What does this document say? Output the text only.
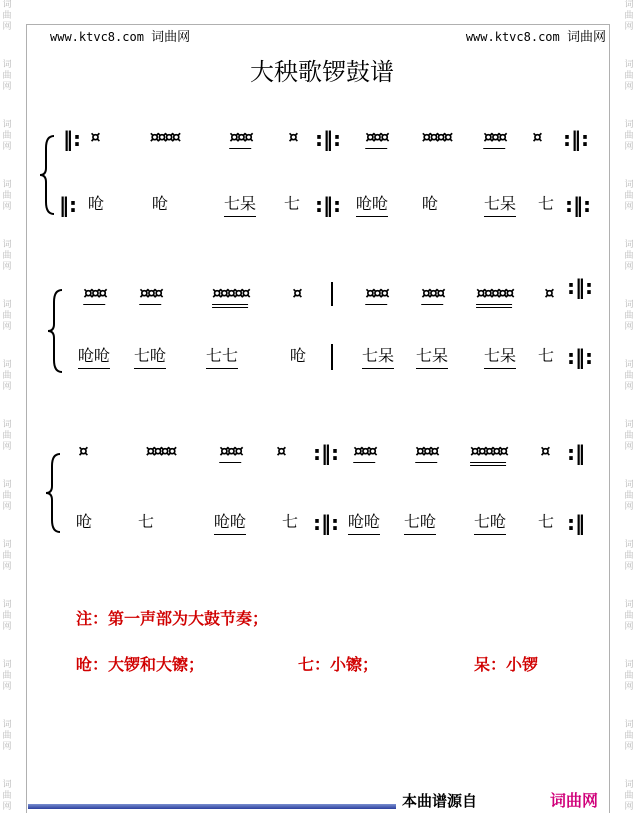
词
曲
网
词
曲
网
词
曲
网
词
曲
网
词
曲
网
词
曲
网
词
曲
网
词
曲
网
词
曲
网
词
曲
网
词
曲
网
词
曲
网
词
曲
网
词
曲
网
词
曲
网
词
曲
网
词
曲
网
词
曲
网
词
曲
网
词
曲
网
词
曲
网
词
曲
网
词
曲
网
词
曲
网
词
曲
网
词
曲
网
词
曲
网
词
曲
网
www.ktvc8.com 词曲网	www.ktvc8.com 词曲网
大秧歌锣鼓谱
‖: ¤	¤¤¤¤	¤¤¤ ¤ :‖: ¤¤¤ ¤¤¤¤ ¤¤¤ ¤ :‖:
‖: 呛	呛	七呆 七 :‖: 呛呛 呛	七呆 七 :‖:
¤¤¤ ¤¤¤	¤¤¤¤¤	¤	¤¤¤ ¤¤¤ ¤¤¤¤¤ ¤ :‖:
呛呛 七呛 七七	呛	七呆 七呆 七呆 七 :‖:
¤	¤¤¤¤	¤¤¤ ¤ :‖: ¤¤¤	¤¤¤ ¤¤¤¤¤ ¤ :‖
呛	七	呛呛 七 :‖: 呛呛 七呛 七呛 七 :‖
注：第一声部为大鼓节奏；
呛：大锣和大镲；	七：小镲；	呆：小锣
本曲谱源自	词曲网
